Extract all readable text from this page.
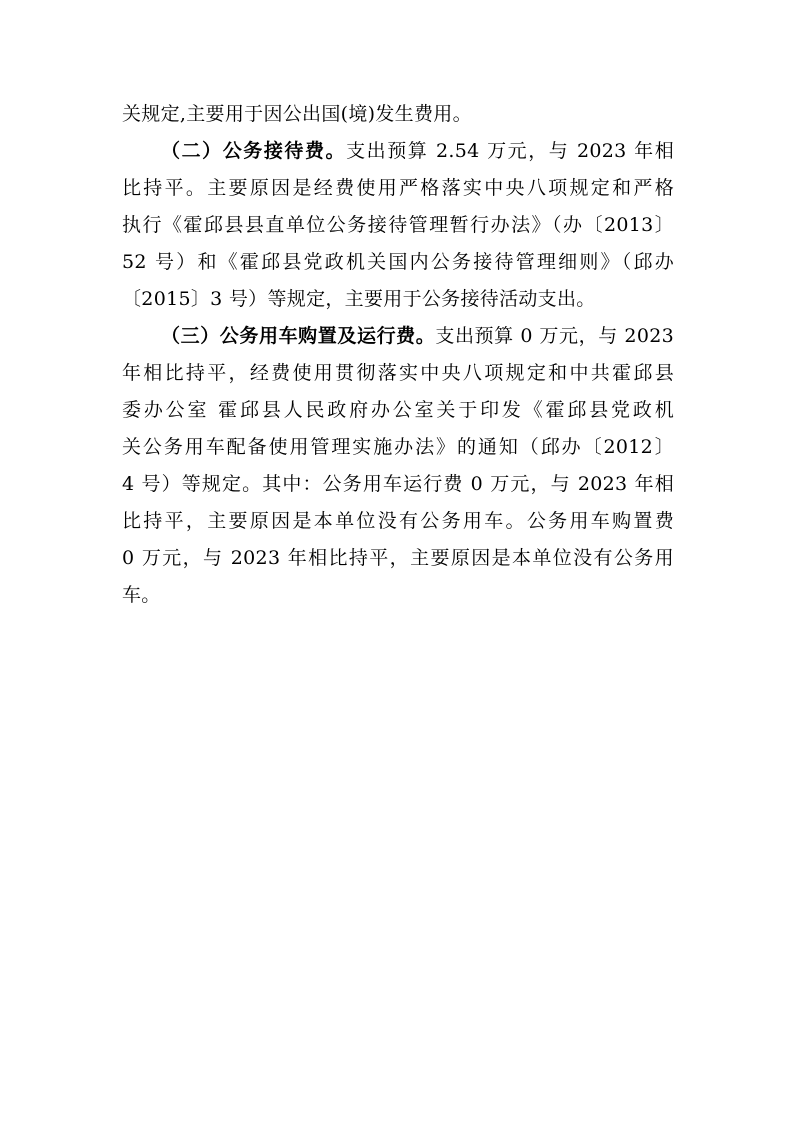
关规定,主要用于因公出国(境)发生费用。
（二）公务接待费。支出预算 2.54 万元，与 2023 年相
比持平。主要原因是经费使用严格落实中央八项规定和严格
执行《霍邱县县直单位公务接待管理暂行办法》（办〔2013〕
52 号）和《霍邱县党政机关国内公务接待管理细则》（邱办
〔2015〕3 号）等规定，主要用于公务接待活动支出。
（三）公务用车购置及运行费。支出预算 0 万元，与 2023
年相比持平，经费使用贯彻落实中央八项规定和中共霍邱县
委办公室 霍邱县人民政府办公室关于印发《霍邱县党政机
关公务用车配备使用管理实施办法》的通知（邱办〔2012〕
4 号）等规定。其中：公务用车运行费 0 万元，与 2023 年相
比持平，主要原因是本单位没有公务用车。公务用车购置费
0 万元，与 2023 年相比持平，主要原因是本单位没有公务用
车。
